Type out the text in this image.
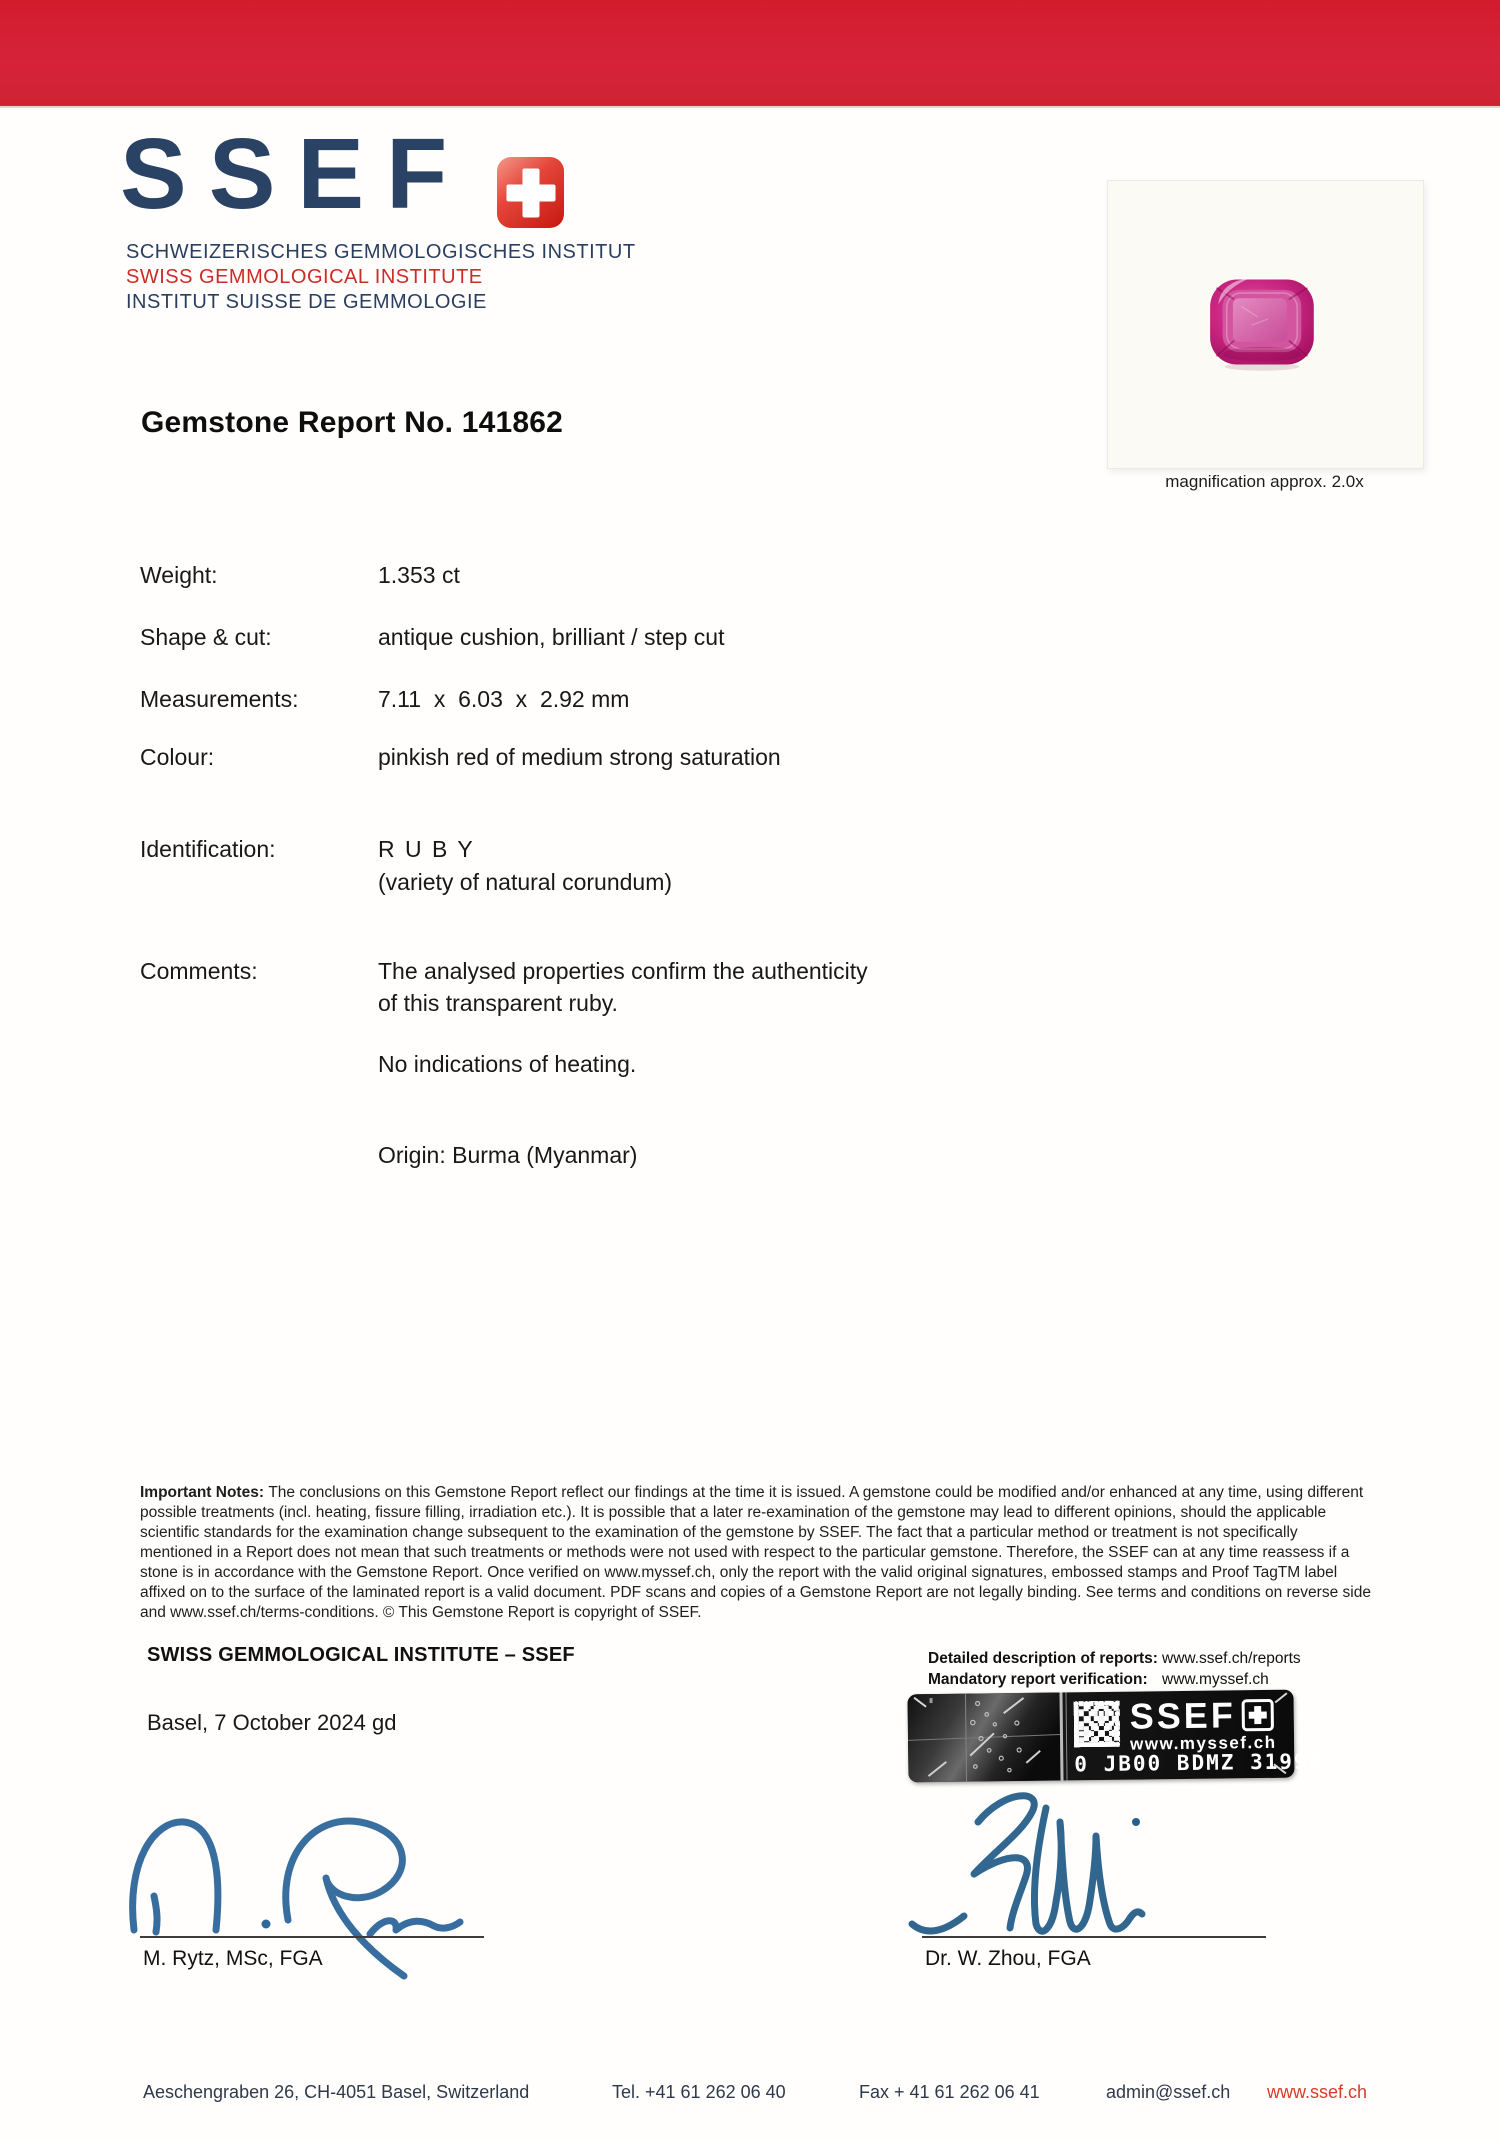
SSEF
SCHWEIZERISCHES GEMMOLOGISCHES INSTITUT
SWISS GEMMOLOGICAL INSTITUTE
INSTITUT SUISSE DE GEMMOLOGIE
Gemstone Report No. 141862
magnification approx. 2.0x
Weight:	1.353 ct
Shape & cut:	antique cushion, brilliant / step cut
Measurements:	7.11  x  6.03  x  2.92 mm
Colour:	pinkish red of medium strong saturation
Identification:	R U B Y
(variety of natural corundum)
Comments:	The analysed properties confirm the authenticity
of this transparent ruby.
No indications of heating.
Origin: Burma (Myanmar)
Important Notes: The conclusions on this Gemstone Report reflect our findings at the time it is issued. A gemstone could be modified and/or enhanced at any time, using different
possible treatments (incl. heating, fissure filling, irradiation etc.). It is possible that a later re-examination of the gemstone may lead to different opinions, should the applicable
scientific standards for the examination change subsequent to the examination of the gemstone by SSEF. The fact that a particular method or treatment is not specifically
mentioned in a Report does not mean that such treatments or methods were not used with respect to the particular gemstone. Therefore, the SSEF can at any time reassess if a
stone is in accordance with the Gemstone Report. Once verified on www.myssef.ch, only the report with the valid original signatures, embossed stamps and Proof TagTM label
affixed on to the surface of the laminated report is a valid document. PDF scans and copies of a Gemstone Report are not legally binding. See terms and conditions on reverse side
and www.ssef.ch/terms-conditions. © This Gemstone Report is copyright of SSEF.
SWISS GEMMOLOGICAL INSTITUTE – SSEF
Basel, 7 October 2024 gd
Detailed description of reports: www.ssef.ch/reports
Mandatory report verification: www.myssef.ch
SSEF
www.myssef.ch
0 JB00 BDMZ 31990
M. Rytz, MSc, FGA	Dr. W. Zhou, FGA
Aeschengraben 26, CH-4051 Basel, Switzerland	Tel. +41 61 262 06 40	Fax + 41 61 262 06 41	admin@ssef.ch www.ssef.ch
